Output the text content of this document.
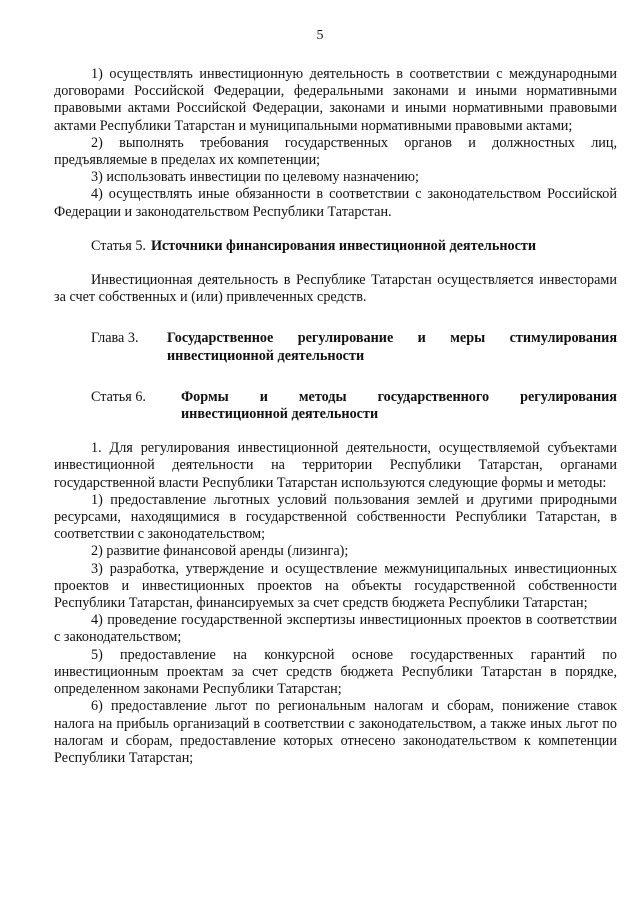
5

1) осуществлять инвестиционную деятельность в соответствии с международными договорами Российской Федерации, федеральными законами и иными нормативными правовыми актами Российской Федерации, законами и иными нормативными правовыми актами Республики Татарстан и муниципальными нормативными правовыми актами;

2) выполнять требования государственных органов и должностных лиц, предъявляемые в пределах их компетенции;

3) использовать инвестиции по целевому назначению;

4) осуществлять иные обязанности в соответствии с законодательством Российской Федерации и законодательством Республики Татарстан.

Статья 5. Источники финансирования инвестиционной деятельности

Инвестиционная деятельность в Республике Татарстан осуществляется инвесторами за счет собственных и (или) привлеченных средств.

Глава 3.	Государственное регулирование и меры стимулирования инвестиционной деятельности
Статья 6.	Формы и методы государственного регулирования инвестиционной деятельности

1. Для регулирования инвестиционной деятельности, осуществляемой субъектами инвестиционной деятельности на территории Республики Татарстан, органами государственной власти Республики Татарстан используются следующие формы и методы:

1) предоставление льготных условий пользования землей и другими природными ресурсами, находящимися в государственной собственности Республики Татарстан, в соответствии с законодательством;

2) развитие финансовой аренды (лизинга);

3) разработка, утверждение и осуществление межмуниципальных инвестиционных проектов и инвестиционных проектов на объекты государственной собственности Республики Татарстан, финансируемых за счет средств бюджета Республики Татарстан;

4) проведение государственной экспертизы инвестиционных проектов в соответствии с законодательством;

5) предоставление на конкурсной основе государственных гарантий по инвестиционным проектам за счет средств бюджета Республики Татарстан в порядке, определенном законами Республики Татарстан;

6) предоставление льгот по региональным налогам и сборам, понижение ставок налога на прибыль организаций в соответствии с законодательством, а также иных льгот по налогам и сборам, предоставление которых отнесено законодательством к компетенции Республики Татарстан;
